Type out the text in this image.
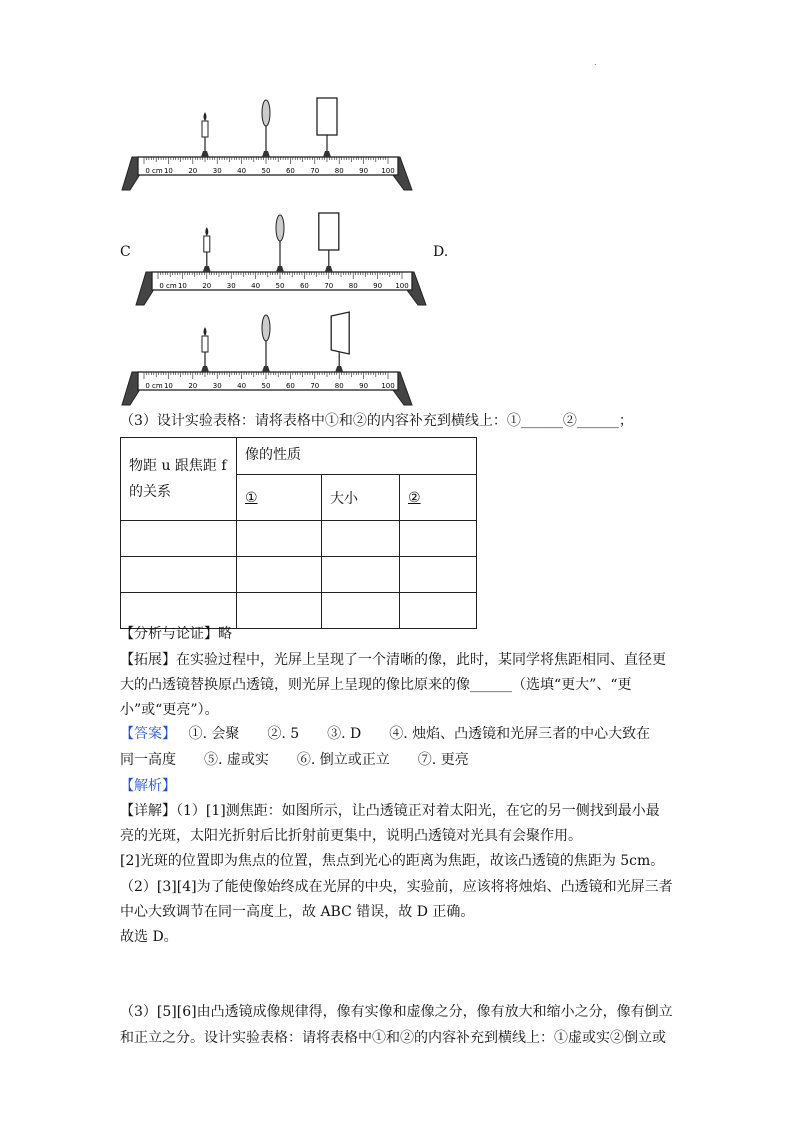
.
0 cm 10 20 30 40 50 60 70 80 90 100
C
0 cm 10 20 30 40 50 60 70 80 90 100
D.
0 cm 10 20 30 40 50 60 70 80 90 100
（3）设计实验表格：请将表格中①和②的内容补充到横线上：①______②______；
物距 u 跟焦距 f
的关系	像的性质		
	①	大小	②

【分析与论证】略
【拓展】在实验过程中，光屏上呈现了一个清晰的像，此时，某同学将焦距相同、直径更
大的凸透镜替换原凸透镜，则光屏上呈现的像比原来的像______（选填“更大”、“更
小”或“更亮”）。
【答案】 ①. 会聚　　②. 5　　③. D　　④. 烛焰、凸透镜和光屏三者的中心大致在
同一高度　　⑤. 虚或实　　⑥. 倒立或正立　　⑦. 更亮
【解析】
【详解】（1）[1]测焦距：如图所示，让凸透镜正对着太阳光，在它的另一侧找到最小最
亮的光斑，太阳光折射后比折射前更集中，说明凸透镜对光具有会聚作用。
[2]光斑的位置即为焦点的位置，焦点到光心的距离为焦距，故该凸透镜的焦距为 5cm。
（2）[3][4]为了能使像始终成在光屏的中央，实验前，应该将将烛焰、凸透镜和光屏三者
中心大致调节在同一高度上，故 ABC 错误，故 D 正确。
故选 D。
（3）[5][6]由凸透镜成像规律得，像有实像和虚像之分，像有放大和缩小之分，像有倒立
和正立之分。设计实验表格：请将表格中①和②的内容补充到横线上：①虚或实②倒立或
